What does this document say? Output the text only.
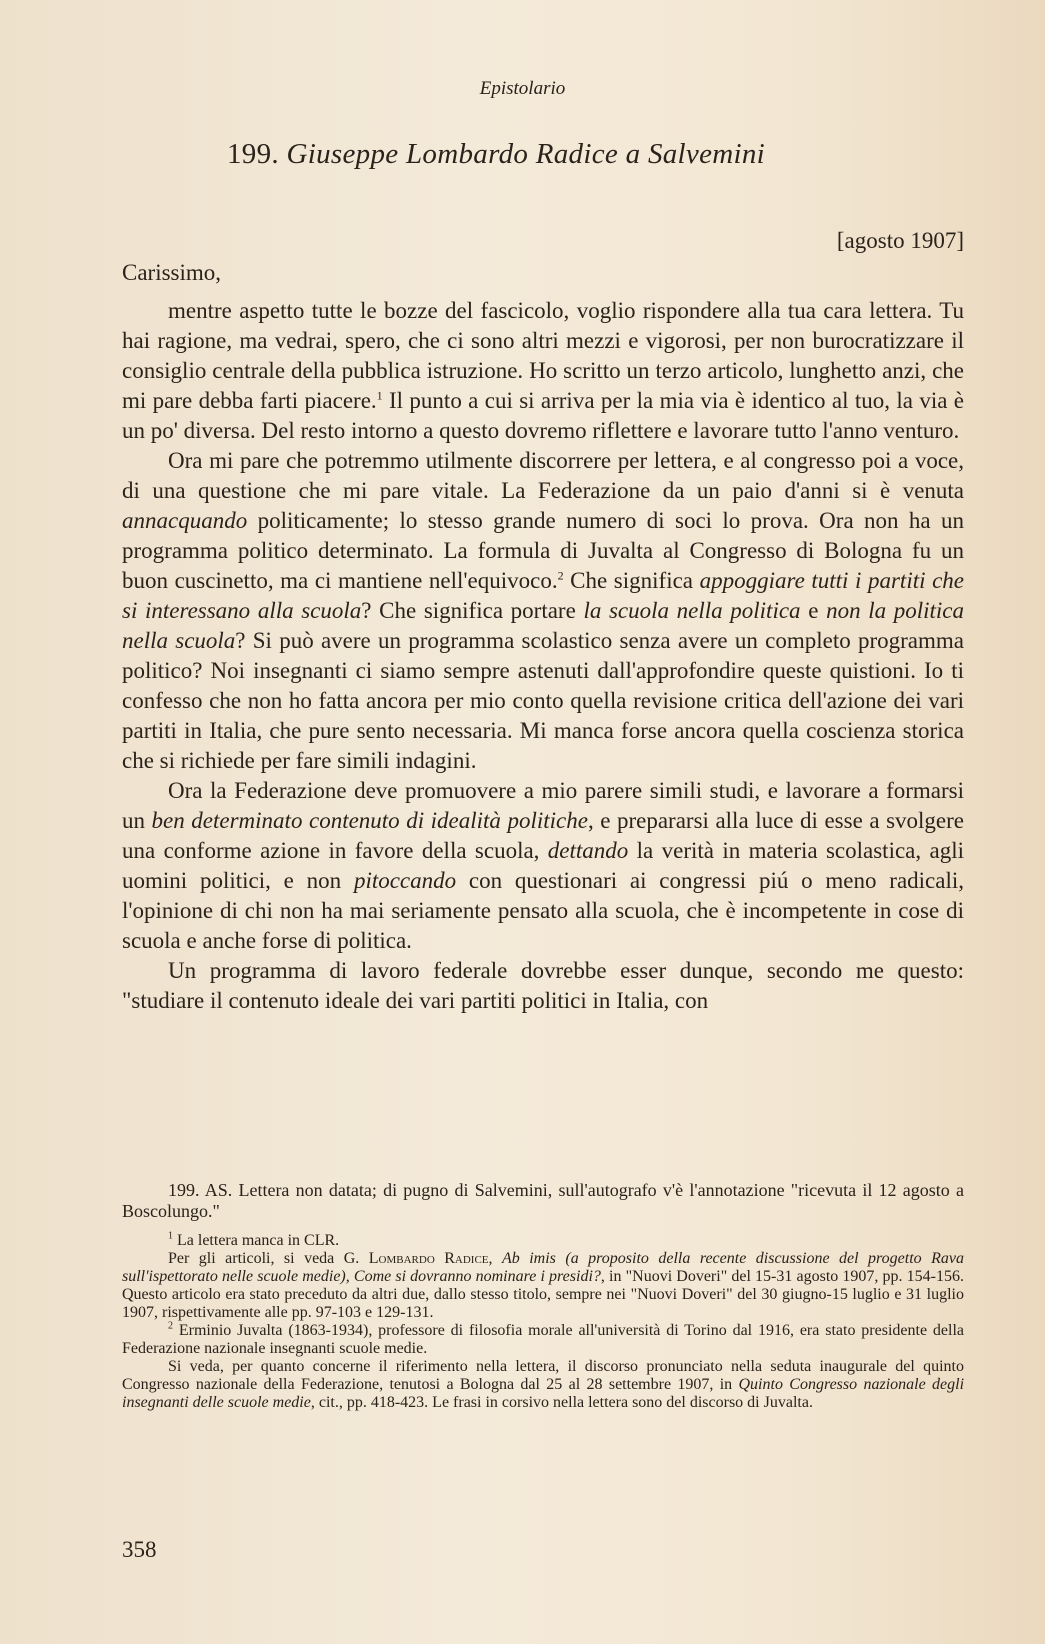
Epistolario
199. Giuseppe Lombardo Radice a Salvemini
[agosto 1907]
Carissimo,

mentre aspetto tutte le bozze del fascicolo, voglio rispondere alla tua cara lettera. Tu hai ragione, ma vedrai, spero, che ci sono altri mezzi e vigorosi, per non burocratizzare il consiglio centrale della pubblica istruzione. Ho scritto un terzo articolo, lunghetto anzi, che mi pare debba farti piacere.$^1$ Il punto a cui si arriva per la mia via è identico al tuo, la via è un po' diversa. Del resto intorno a questo dovremo riflettere e lavorare tutto l'anno venturo.

Ora mi pare che potremmo utilmente discorrere per lettera, e al congresso poi a voce, di una questione che mi pare vitale. La Federazione da un paio d'anni si è venuta annacquando politicamente; lo stesso grande numero di soci lo prova. Ora non ha un programma politico determinato. La formula di Juvalta al Congresso di Bologna fu un buon cuscinetto, ma ci mantiene nell'equivoco.$^2$ Che significa appoggiare tutti i partiti che si interessano alla scuola? Che significa portare la scuola nella politica e non la politica nella scuola? Si può avere un programma scolastico senza avere un completo programma politico? Noi insegnanti ci siamo sempre astenuti dall'approfondire queste quistioni. Io ti confesso che non ho fatta ancora per mio conto quella revisione critica dell'azione dei vari partiti in Italia, che pure sento necessaria. Mi manca forse ancora quella coscienza storica che si richiede per fare simili indagini.

Ora la Federazione deve promuovere a mio parere simili studi, e lavorare a formarsi un ben determinato contenuto di idealità politiche, e prepararsi alla luce di esse a svolgere una conforme azione in favore della scuola, dettando la verità in materia scolastica, agli uomini politici, e non pitoccando con questionari ai congressi piú o meno radicali, l'opinione di chi non ha mai seriamente pensato alla scuola, che è incompetente in cose di scuola e anche forse di politica.

Un programma di lavoro federale dovrebbe esser dunque, secondo me questo: "studiare il contenuto ideale dei vari partiti politici in Italia, con

199. AS. Lettera non datata; di pugno di Salvemini, sull'autografo v'è l'annotazione "ricevuta il 12 agosto a Boscolungo."

$^1$ La lettera manca in CLR.

Per gli articoli, si veda G. Lombardo Radice, Ab imis (a proposito della recente discussione del progetto Rava sull'ispettorato nelle scuole medie), Come si dovranno nominare i presidi?, in "Nuovi Doveri" del 15-31 agosto 1907, pp. 154-156. Questo articolo era stato preceduto da altri due, dallo stesso titolo, sempre nei "Nuovi Doveri" del 30 giugno-15 luglio e 31 luglio 1907, rispettivamente alle pp. 97-103 e 129-131.

$^2$ Erminio Juvalta (1863-1934), professore di filosofia morale all'università di Torino dal 1916, era stato presidente della Federazione nazionale insegnanti scuole medie.

Si veda, per quanto concerne il riferimento nella lettera, il discorso pronunciato nella seduta inaugurale del quinto Congresso nazionale della Federazione, tenutosi a Bologna dal 25 al 28 settembre 1907, in Quinto Congresso nazionale degli insegnanti delle scuole medie, cit., pp. 418-423. Le frasi in corsivo nella lettera sono del discorso di Juvalta.

358
